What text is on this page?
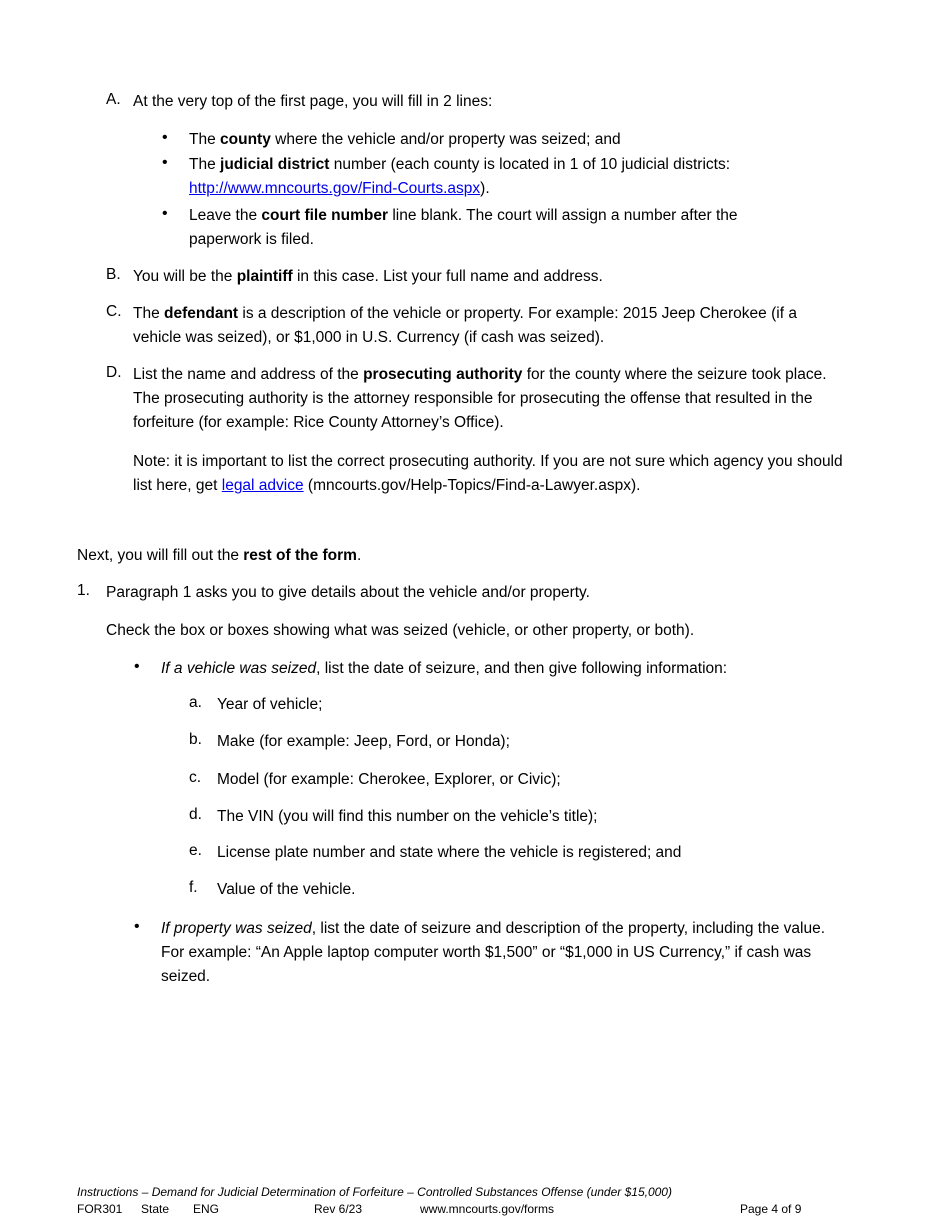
A. At the very top of the first page, you will fill in 2 lines:
• The county where the vehicle and/or property was seized; and
• The judicial district number (each county is located in 1 of 10 judicial districts:
http://www.mncourts.gov/Find-Courts.aspx).
• Leave the court file number line blank. The court will assign a number after the paperwork is filed.
B. You will be the plaintiff in this case. List your full name and address.
C. The defendant is a description of the vehicle or property. For example: 2015 Jeep Cherokee (if a vehicle was seized), or $1,000 in U.S. Currency (if cash was seized).
D. List the name and address of the prosecuting authority for the county where the seizure took place. The prosecuting authority is the attorney responsible for prosecuting the offense that resulted in the forfeiture (for example: Rice County Attorney’s Office).
Note: it is important to list the correct prosecuting authority. If you are not sure which agency you should list here, get legal advice (mncourts.gov/Help-Topics/Find-a-Lawyer.aspx).
Next, you will fill out the rest of the form.
1. Paragraph 1 asks you to give details about the vehicle and/or property.
Check the box or boxes showing what was seized (vehicle, or other property, or both).
• If a vehicle was seized, list the date of seizure, and then give following information:
a. Year of vehicle;
b. Make (for example: Jeep, Ford, or Honda);
c. Model (for example: Cherokee, Explorer, or Civic);
d. The VIN (you will find this number on the vehicle’s title);
e. License plate number and state where the vehicle is registered; and
f. Value of the vehicle.
• If property was seized, list the date of seizure and description of the property, including the value. For example: “An Apple laptop computer worth $1,500” or “$1,000 in US Currency,” if cash was seized.
Instructions – Demand for Judicial Determination of Forfeiture – Controlled Substances Offense (under $15,000)
FOR301 State ENG	Rev 6/23	www.mncourts.gov/forms	Page 4 of 9
